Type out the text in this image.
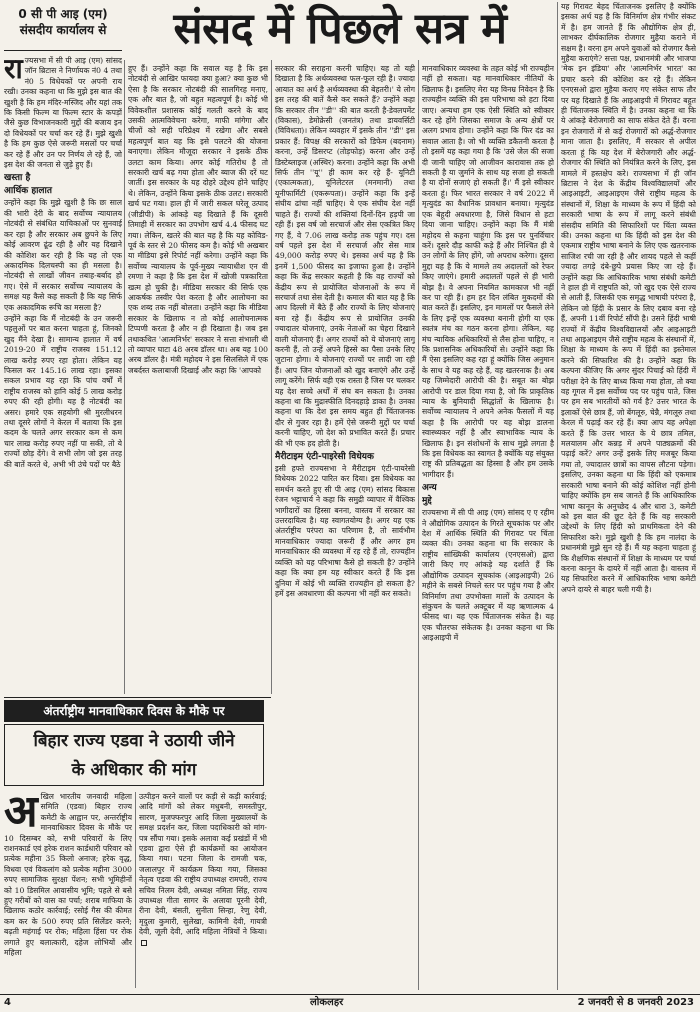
0 सी पी आइ (एम)
संसदीय कार्यालय से	संसद में पिछले सत्र में

राज्यसभा में सी पी आइ (एम) सांसद जॉन ब्रिटास ने निर्णायक नं0 4 तथा नं0 5 विधेयकों पर अपनी राय रखी। उनका कहना था कि मुझे इस बात की खुशी है कि हम मंदिर-मस्जिद और यहां तक कि किसी फिल्म या फिल्म स्टार के कपड़ों जैसे कुछ विभाजनकारी मुद्दों की बजाय इन दो विधेयकों पर चर्चा कर रहे हैं। मुझे खुशी है कि हम कुछ ऐसे जरूरी मसलों पर चर्चा कर रहे हैं और उन पर निर्णय ले रहे हैं, जो इस देश की जनता से जुड़े हुए हैं।

खस्ता है
आर्थिक हालात

उन्होंने कहा कि मुझे खुशी है कि छः साल की भारी देरी के बाद सर्वोच्च न्यायालय नोटबंदी से संबंधित याचिकाओं पर सुनवाई कर रहा है और सरकार अब छुपने के लिए कोई आवरण ढूंढ रही है और यह दिखाने की कोशिश कर रही है कि यह तो एक अकादमिक दिलचस्पी का ही मसला है। नोटबंदी से लाखों जीवन तबाह-बर्बाद हो गए। ऐसे में सरकार सर्वोच्च न्यायालय के समक्ष यह कैसे कह सकती है कि यह सिर्फ एक अकादमिक रूचि का मसला है?

उन्होंने कहा कि मैं नोटबंदी के उन जरूरी पहलुओं पर बात करना चाहता हूं, जिनको खुद मैंने देखा है। सामान्य हालात में वर्ष 2019-20 में राष्ट्रीय राजस्व 151.12 लाख करोड़ रुपए रहा होता। लेकिन यह फिसल कर 145.16 लाख रहा। इसका सकल प्रभाव यह रहा कि पांच वर्षों में राष्ट्रीय राजस्व को हानि कोई 5 लाख करोड़ रुपए की रही होगी। यह है नोटबंदी का असर। हमारे एक सहयोगी श्री मुरलीधरन तथा दूसरे लोगों ने केरल में बताया कि इस कदम के चलते अगर सरकार कम से कम चार लाख करोड़ रुपए नहीं पा सकी, तो ये राज्यों छोड़ देंगे। वे सभी लोग जो इस तरह की बातें करते थे, अभी भी उंचे पदों पर बैठे

हुए हैं। उन्होंने कहा कि सवाल यह है कि इस नोटबंदी से आखिर फायदा क्या हुआ? क्या कुछ भी ऐसा है कि सरकार नोटबंदी की सालगिरह मनाए, एक और बात है, जो बहुत महत्वपूर्ण है। कोई भी विवेकशील प्रशासक कोई गलती करने के बाद उसकी आत्मविवेचना करेगा, माफी मांगेगा और चीजों को सही परिप्रेक्ष्य में रखेगा और सबसे महत्वपूर्ण बात यह कि इसे पलटने की योजना बनाएगा। लेकिन मौजूदा सरकार ने इसके ठीक उलटा काम किया। अगर कोई गतिरोध है तो सरकारी खर्च बढ़ गया होता और ब्याज की दरें घट जातीं। इस सरकार के यह दोहरे उद्देश्य होने चाहिए थे। लेकिन, उन्होंने किया इसके ठीक उलट। सरकारी खर्च घट गया। हाल ही में जारी सकल घरेलू उत्पाद (जीडीपी) के आंकड़े यह दिखाते हैं कि दूसरी तिमाही में सरकार का उपभोग खर्च 4.4 फीसद घट गया। लेकिन, खतरे की बात यह है कि यह कोविड-पूर्व के स्तर से 20 फीसद कम है। कोई भी अखबार या मीडिया इसे रिपोर्ट नहीं करेगा। उन्होंने कहा कि सर्वोच्च न्यायालय के पूर्व-मुख्य न्यायाधीश एन वी रमणा ने कहा है कि इस देश में खोजी पत्रकारिता खत्म हो चुकी है। मीडिया सरकार की सिर्फ एक आकर्षक तस्वीर पेश करता है और आलोचना का एक शब्द तक नहीं बोलता। उन्होंने कहा कि मीडिया सरकार के खिलाफ न तो कोई आलोचनात्मक टिप्पणी करता है और न ही दिखाता है। जब इस तथाकथित 'आत्मनिर्भर' सरकार ने सत्ता संभाली थी तो व्यापार घाटा 48 अरब डॉलर था। अब यह 100 अरब डॉलर है। मंत्री महोदय ने इस सिलसिले में एक जबर्दस्त कलाबाजी दिखाई और कहा कि 'आपको

सरकार की सराहना करनी चाहिए। यह तो यही दिखाता है कि अर्थव्यवस्था फल-फूल रही है। ज्यादा आयात का अर्थ है अर्थव्यवस्था की बेहतरी।' ये लोग इस तरह की बातें कैसे कर सकते हैं? उन्होंने कहा कि सरकार तीन ''डी'' की बात करती है-डेवलपमेंट (विकास), डेमोक्रेसी (जनतंत्र) तथा डायवर्सिटी (विविधता)। लेकिन व्यवहार में इसके तीन ''डी'' इस प्रकार हैं: विपक्ष की सरकारों को डिफेम (बदनाम) करना, उन्हें डिसरप्ट (तोड़फोड़) करना और उन्हें डिस्टेब्लाइज (अस्थिर) करना। उन्होंने कहा कि अभी सिर्फ तीन ''यू'' ही काम कर रहे हैं- यूनिटी (एकात्मकता), यूनिलेटरल (मनमानी) तथा यूनीफार्मिटी (एकरूपता)। उन्होंने कहा कि इन्हें संघीय ढांचा नहीं चाहिए। ये एक संघीय देश नहीं चाहते हैं। राज्यों की शक्तियां दिनों-दिन हड़पी जा रही हैं। इस वर्ष जो सरचार्ज और सेस एकत्रित किए गए हैं, वे 7.06 लाख करोड़ तक पहुंच गए। दस वर्ष पहले इस देश में सरचार्ज और सेस मात्र 49,000 करोड़ रुपए थे। इसका अर्थ यह है कि इनमें 1,500 फीसद का इजाफा हुआ है। उन्होंने कहा कि केंद्र सरकार कहती है कि वह राज्यों को केंद्रीय रूप से प्रायोजित योजनाओं के रूप में सरचार्ज तथा सेस देती है। कमाल की बात यह है कि आप दिल्ली में बैठे हैं और राज्यों के लिए योजनाएं बना रहे हैं। केंद्रीय रूप से प्रायोजित उनकी ज्यादातर योजनाएं, उनके नेताओं का चेहरा दिखाने वाली योजनाएं हैं। अगर राज्यों को ये योजनाएं लागू करनी हैं, तो उन्हें अपने हिस्से का पैसा उनके लिए जुटाना होगा। ये योजनाएं राज्यों पर लादी जा रही हैं। आप जिन योजनाओं को खुद बनाएंगे और उन्हें लागू करेंगे। सिर्फ वही एक रास्ता है जिस पर चलकर यह देश सच्चे अर्थों में संघ बन सकता है। उनका कहना था कि मुद्रास्फीति दिनदहाड़े डाका है। उनका कहना था कि देश इस समय बहुत ही चिंताजनक दौर से गुजर रहा है। हमें ऐसे जरूरी मुद्दों पर चर्चा करनी चाहिए, जो देश को प्रभावित करते हैं। प्रचार की भी एक हद होती है।

मैरीटाइम एंटी-पाइरेसी विधेयक

इसी हफ्ते राज्यसभा ने मैरीटाइम एंटी-पायरेसी विधेयक 2022 पारित कर दिया। इस विधेयक का समर्थन करते हुए सी पी आइ (एम) सांसद बिकास रंजन भट्टाचार्य ने कहा कि समुद्री व्यापार में वैश्विक भागीदारों का हिस्सा बनना, वास्तव में सरकार का उत्तरदायित्व है। यह स्वागतयोग्य है। अगर यह एक अंतर्राष्ट्रीय परंपरा का परिणाम है, तो सार्वभौम मानवाधिकार ज्यादा जरूरी हैं और अगर हम मानवाधिकार की व्यवस्था में रह रहे हैं तो, राज्यहीन व्यक्ति को यह परिभाषा कैसे हो सकती है? उन्होंने कहा कि क्या हम यह स्वीकार करते हैं कि इस दुनिया में कोई भी व्यक्ति राज्यहीन हो सकता है? हमें इस अवधारणा की कल्पना भी नहीं कर सकते।

मानवाधिकार व्यवस्था के तहत कोई भी राज्यहीन नहीं हो सकता। यह मानवाधिकार नीतियों के खिलाफ है। इसलिए मेरा यह विनम्र निवेदन है कि राज्यहीन व्यक्ति की इस परिभाषा को हटा दिया जाए। अन्यथा हम एक ऐसी स्थिति को स्वीकार कर रहे होंगे जिसका समाज के अन्य क्षेत्रों पर अलग प्रभाव होगा। उन्होंने कहा कि फिर दंड का सवाल आता है। जो भी व्यक्ति डकैतनी करता है तो इसमें यह कहा गया है कि 'उसे जेल की सजा दी जानी चाहिए जो आजीवन कारावास तक हो सकती है या जुर्माने के साथ यह सजा हो सकती है या दोनों सजाएं हो सकती हैं।' मैं इसे स्वीकार करता हूं। फिर भारत सरकार ने वर्ष 2022 में मृत्युदंड का वैधानिक प्रावधान बनाया। मृत्युदंड एक बेहूदी अवधारणा है, जिसे विधान से हटा दिया जाना चाहिए। उन्होंने कहा कि मैं मंत्री महोदय से कहना चाहूंगा कि इस पर पुनर्विचार करें। दूसरे दौड़ काफी कड़े हैं और निश्चित ही वे उन लोगों के लिए होंगे, जो अपराध करेगा। दूसरा मुद्दा यह है कि ये मामले तय अदालतों को रेफर किए जाएंगे। हमारी अदालतों पहले से ही भारी बोझ है। वे अपना नियमित कामकाज भी नहीं कर पा रही हैं। हम हर दिन लंबित मुकदमों की बात करते हैं। इसलिए, इन मामलों पर फैसले लेने के लिए इन्हें एक व्यवस्था बनानी होगी या एक स्वतंत्र मंच का गठन करना होगा। लेकिन, यह मंच न्यायिक अधिकारियों से लैस होना चाहिए, न कि प्रशासनिक अधिकारियों से। उन्होंने कहा कि मैं ऐसा इसलिए कह रहा हूं क्योंकि जिस अनुमान के साथ वे यह कह रहे हैं, वह खतरनाक है। अब यह जिम्मेदारी आरोपी की है। सबूत का बोझ आरोपी पर डाल दिया गया है, जो कि प्राकृतिक न्याय के बुनियादी सिद्धांतों के खिलाफ है। सर्वोच्च न्यायालय ने अपने अनेक फैसलों में यह कहा है कि आरोपी पर यह बोझ डालना स्वास्थ्यकर नहीं है और स्वाभाविक न्याय के खिलाफ है। इन संशोधनों के साथ मुझे लगता है कि इस विधेयक का स्वागत है क्योंकि यह संयुक्त राष्ट्र की प्रतिबद्धता का हिस्सा है और हम उसके भागीदार हैं।

अन्य
मुद्दे

राज्यसभा में सी पी आइ (एम) सांसद ए ए रहीम ने औद्योगिक उत्पादन के गिरते सूचकांक पर और देश में आर्थिक स्थिति की गिरावट पर चिंता व्यक्त की। उनका कहना था कि सरकार के राष्ट्रीय सांख्यिकी कार्यालय (एनएसओ) द्वारा जारी किए गए आंकड़े यह दर्शाते हैं कि औद्योगिक उत्पादन सूचकांक (आइआइपी) 26 महीने के सबसे निचले स्तर पर पहुंच गया है और विनिर्माण तथा उपभोक्ता मालों के उत्पादन के संकुचन के चलते अक्टूबर में यह ऋणात्मक 4 फीसद था। यह एक चिंताजनक संकेत है। यह एक चौतरफा संकेतक है। उनका कहना था कि आइआइपी में

यह गिरावट बेहद चिंताजनक इसलिए है क्योंकि इसका अर्थ यह है कि विनिर्माण क्षेत्र गंभीर संकट में है। हम जानते हैं कि औद्योगिक क्षेत्र ही, लाभकर दीर्घकालिक रोजगार मुहैया कराने में सक्षम है। वरना हम अपने युवाओं को रोजगार कैसे मुहैया कराएंगे? सत्ता पक्ष, प्रधानमंत्री और भाजपा 'मेक इन इंडिया' और 'आत्मनिर्भर भारत' का प्रचार करने की कोशिश कर रहे हैं। लेकिन एनएसओ द्वारा मुहैया कराए गए संकेत साफ तौर पर यह दिखाते हैं कि आइआइपी में गिरावट बहुत ही चिंताजनक स्थिति में है। उनका कहना था कि ये आंकड़े बेरोजगारी का साफ संकेत देते हैं। वरना इन रोजगारों में से कई रोजगारों को अर्द्ध-रोजगार माना जाता है। इसलिए, मैं सरकार से अपील करता हूं कि यह देश में बेरोजगारी और अर्द्ध-रोजगार की स्थिति को नियंत्रित करने के लिए, इस मामले में हस्तक्षेप करे। राज्यसभा में ही जॉन ब्रिटास ने देश के केंद्रीय विश्वविद्यालयों और आइआइटी, आइआइएम जैसे राष्ट्रीय महत्व के संस्थानों में, शिक्षा के माध्यम के रूप में हिंदी को सरकारी भाषा के रूप में लागू करने संबंधी संसदीय समिति की सिफारिशों पर चिंता व्यक्त की। उनका कहना था कि हिंदी को इस देश की एकमात्र राष्ट्रीय भाषा बनाने के लिए एक खतरनाक साजिश रची जा रही है और शायद पहले से कहीं ज्यादा तगड़े दंबे-छुपे प्रयास किए जा रहे हैं। उन्होंने कहा कि आधिकारिक भाषा संबंधी कमेटी ने हाल ही में राष्ट्रपति को, जो खुद एक ऐसे राज्य से आती हैं, जिसकी एक समृद्ध भाषायी परंपरा है, लेकिन जो हिंदी के प्रसार के लिए दबाव बना रहे हैं, अपनी 11वीं रिपोर्ट सौंपी है। उसने हिंदी भाषी राज्यों में केंद्रीय विश्वविद्यालयों और आइआइटी तथा आइआइएम जैसे राष्ट्रीय महत्व के संस्थानों में, शिक्षा के माध्यम के रूप में हिंदी का इस्तेमाल करने की सिफारिश की है। उन्होंने कहा कि कल्पना कीजिए कि अगर सुंदर पिचाई को हिंदी में परीक्षा देने के लिए बाध्य किया गया होता, तो क्या वह गूगल में इस सर्वोच्च पद पर पहुंच पाते, जिस पर हम सब भारतीयों को गर्व है? उत्तर भारत के इलाकों ऐसे छात्र हैं, जो बेंगलूरु, चेन्नै, मंगलूरु तथा केरल में पढ़ाई कर रहे हैं। क्या आप यह अपेक्षा करते हैं कि उत्तर भारत के ये छात्र तमिल, मलयालम और कन्नड़ में अपने पाठ्यक्रमों की पढ़ाई करें? अगर उन्हें इसके लिए मजबूर किया गया तो, ज्यादातर छात्रों का वापस लौटना पड़ेगा। इसलिए, उनका कहना था कि हिंदी को एकमात्र सरकारी भाषा बनाने की कोई कोशिश नहीं होनी चाहिए क्योंकि हम सब जानते हैं कि आधिकारिक भाषा कानून के अनुच्छेद 4 और धारा 3, कमेटी को इस बात की छूट देते हैं कि वह सरकारी उद्देश्यों के लिए हिंदी को प्राथमिकता देने की सिफारिश करे। मुझे खुशी है कि हम नालंदा के प्रधानमंत्री मुझे सुन रहे हैं। मैं यह कहना चाहता हूं कि शैक्षणिक संस्थानों में शिक्षा के माध्यम पर चर्चा करना कानून के दायरे में नहीं आता है। वास्तव में यह सिफारिश करने में आधिकारिक भाषा कमेटी अपने दायरे से बाहर चली गयी है।

अंतर्राष्ट्रीय मानवाधिकार दिवस के मौके पर
बिहार राज्य एडवा ने उठायी जीने
के अधिकार की मांग

अखिल भारतीय जनवादी महिला समिति (एडवा) बिहार राज्य कमेटी के आह्वान पर, अन्तर्राष्ट्रीय मानवाधिकार दिवस के मौके पर 10 दिसम्बर को, सभी परिवारों के लिए राशनकार्ड एवं हरेक राशन कार्डधारी परिवार को प्रत्येक महीना 35 किलो अनाज; हरेक वृद्ध, विधवा एवं विकलांग को प्रत्येक महीना 3000 रुपए सामाजिक सुरक्षा पेंशन; सभी भूमिहीनों को 10 डिसमिल आवासीय भूमि; पहले से बसे हुए गरीबों को वास का पर्चा; शराब माफिया के खिलाफ कठोर कार्रवाई; रसोई गैस की कीमत कम कर के 500 रुपए प्रति सिलेंडर करने; बढ़ती महंगाई पर रोक; महिला हिंसा पर रोक लगाते हुए बलात्कारी, दहेज लोभियों और महिला

उत्पीड़न करने वालों पर कड़ी से कड़ी कार्रवाई; आदि मांगों को लेकर मधुबनी, समस्तीपुर, सारण, मुजफ्फरपुर आदि जिला मुख्यालयों के समक्ष प्रदर्शन कर, जिला पदाधिकारी को मांग-पत्र सौंपा गया। इसके अलावा कई प्रखंडों में भी एडवा द्वारा ऐसे ही कार्यक्रमों का आयोजन किया गया। पटना जिला के रामजी चक, जलालपुर में कार्यक्रम किया गया, जिसका नेतृत्व एडवा की राष्ट्रीय उपाध्यक्ष रामपरी, राज्य सचिव निलम देवी, अध्यक्ष नमिता सिंह, राज्य उपाध्यक्ष गीता सागर के अलावा पूरनी देवी, रीना देवी, बंसती, सुनीता सिन्हा, रेणु देवी, मृदुला कुमारी, सुलेखा, कामिनी देवी, गायत्री देवी, जूली देवी, आदि महिला नेत्रियों ने किया।

4	लोकलहर	2 जनवरी से 8 जनवरी 2023
